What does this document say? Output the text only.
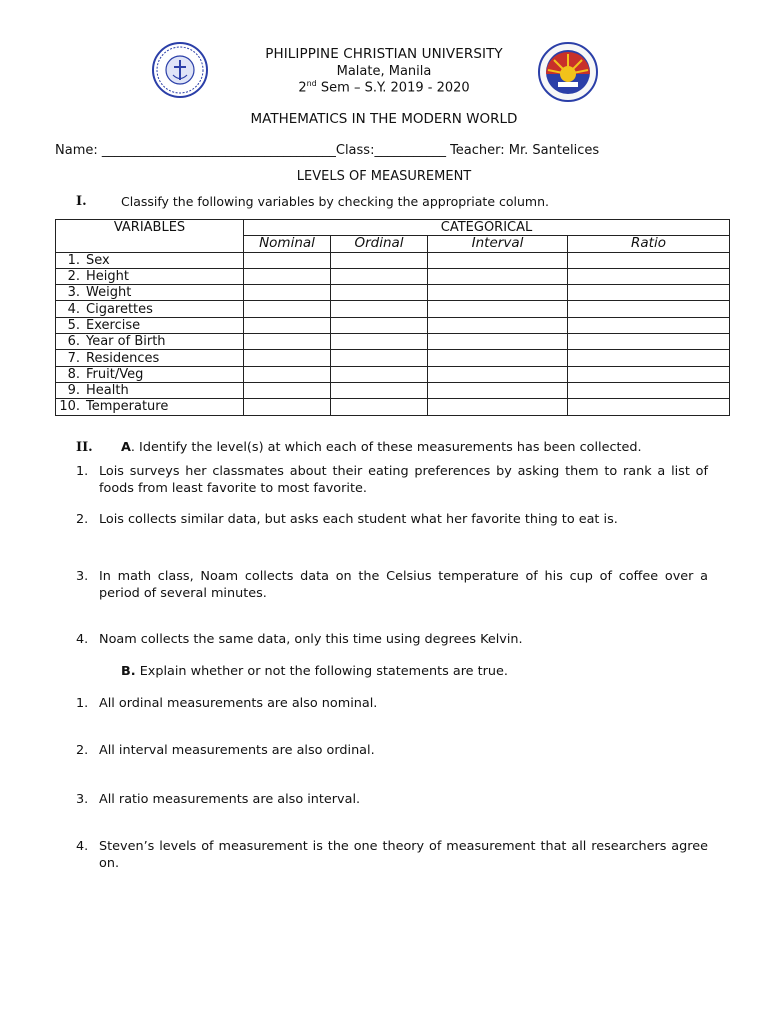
PHILIPPINE CHRISTIAN UNIVERSITY
Malate, Manila
2nd Sem – S.Y. 2019 - 2020
MATHEMATICS IN THE MODERN WORLD
Name: ____________________________________Class:___________ Teacher: Mr. Santelices
LEVELS OF MEASUREMENT
I.	Classify the following variables by checking the appropriate column.
VARIABLES	CATEGORICAL			
	Nominal	Ordinal	Interval	Ratio
1. Sex				
2. Height				
3. Weight				
4. Cigarettes				
5. Exercise				
6. Year of Birth				
7. Residences				
8. Fruit/Veg				
9. Health				
10. Temperature				
II. A. Identify the level(s) at which each of these measurements has been collected.
1. Lois surveys her classmates about their eating preferences by asking them to rank a list of foods from least favorite to most favorite.
2. Lois collects similar data, but asks each student what her favorite thing to eat is.
3. In math class, Noam collects data on the Celsius temperature of his cup of coffee over a period of several minutes.
4. Noam collects the same data, only this time using degrees Kelvin.
B. Explain whether or not the following statements are true.
1. All ordinal measurements are also nominal.
2. All interval measurements are also ordinal.
3. All ratio measurements are also interval.
4. Steven’s levels of measurement is the one theory of measurement that all researchers agree on.
